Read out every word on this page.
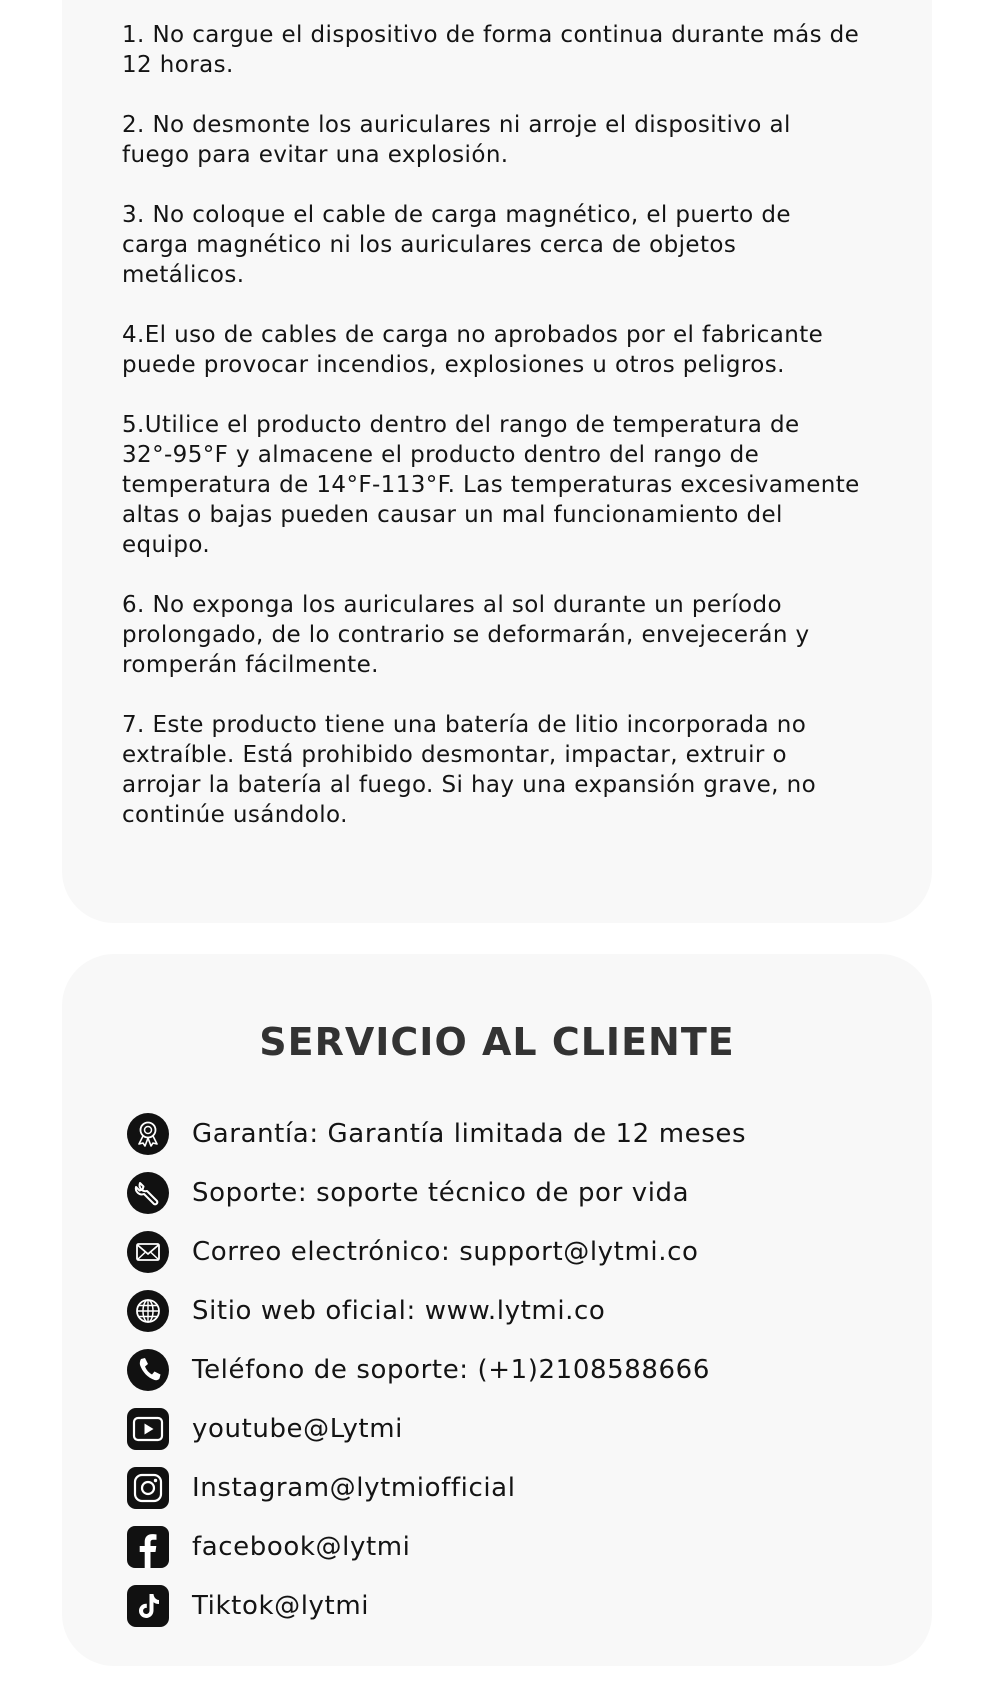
1. No cargue el dispositivo de forma continua durante más de 12 horas.
2. No desmonte los auriculares ni arroje el dispositivo al fuego para evitar una explosión.
3. No coloque el cable de carga magnético, el puerto de carga magnético ni los auriculares cerca de objetos metálicos.
4.El uso de cables de carga no aprobados por el fabricante puede provocar incendios, explosiones u otros peligros.
5.Utilice el producto dentro del rango de temperatura de 32°-95°F y almacene el producto dentro del rango de temperatura de 14°F-113°F. Las temperaturas excesivamente altas o bajas pueden causar un mal funcionamiento del equipo.
6. No exponga los auriculares al sol durante un período prolongado, de lo contrario se deformarán, envejecerán y romperán fácilmente.
7. Este producto tiene una batería de litio incorporada no extraíble. Está prohibido desmontar, impactar, extruir o arrojar la batería al fuego. Si hay una expansión grave, no continúe usándolo.
SERVICIO AL CLIENTE
Garantía: Garantía limitada de 12 meses
Soporte: soporte técnico de por vida
Correo electrónico: support@lytmi.co
Sitio web oficial: www.lytmi.co
Teléfono de soporte: (+1)2108588666
youtube@Lytmi
Instagram@lytmiofficial
facebook@lytmi
Tiktok@lytmi
